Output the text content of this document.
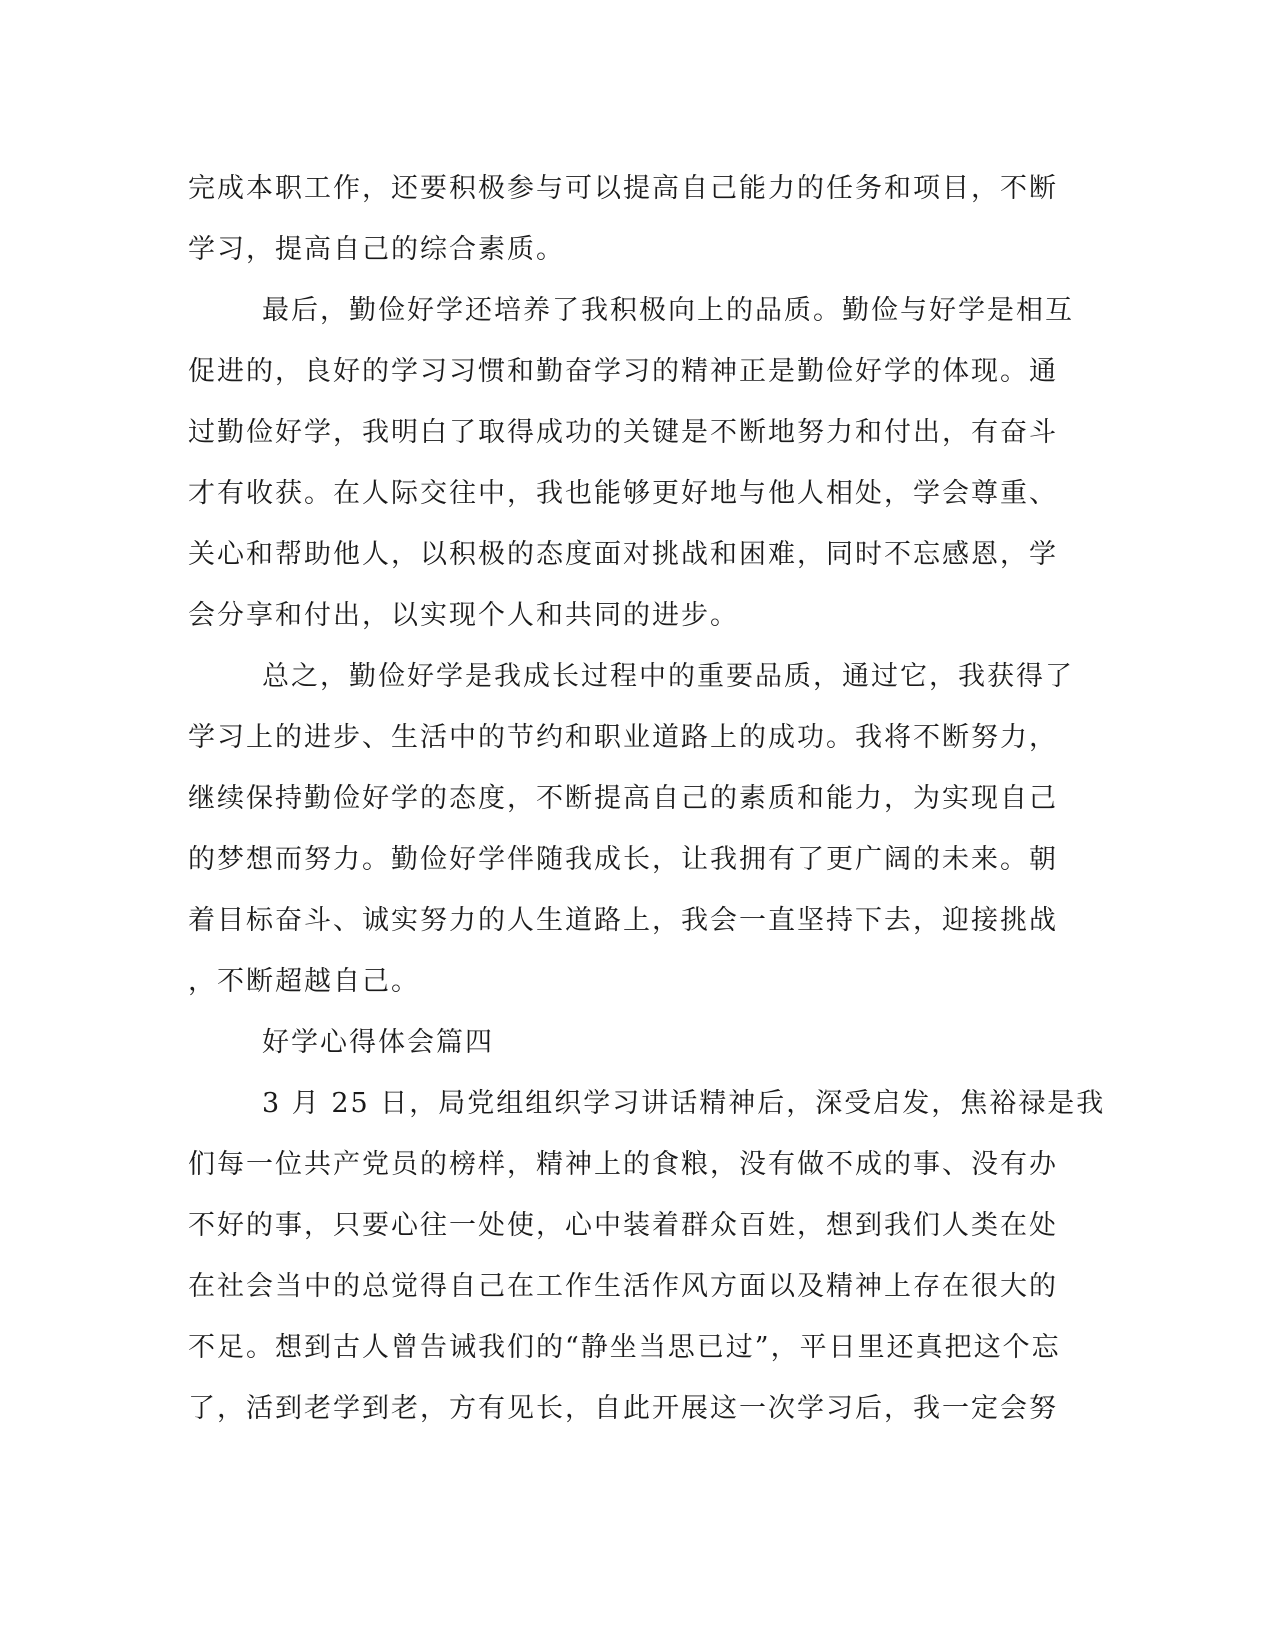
完成本职工作，还要积极参与可以提高自己能力的任务和项目，不断
学习，提高自己的综合素质。
最后，勤俭好学还培养了我积极向上的品质。勤俭与好学是相互
促进的，良好的学习习惯和勤奋学习的精神正是勤俭好学的体现。通
过勤俭好学，我明白了取得成功的关键是不断地努力和付出，有奋斗
才有收获。在人际交往中，我也能够更好地与他人相处，学会尊重、
关心和帮助他人，以积极的态度面对挑战和困难，同时不忘感恩，学
会分享和付出，以实现个人和共同的进步。
总之，勤俭好学是我成长过程中的重要品质，通过它，我获得了
学习上的进步、生活中的节约和职业道路上的成功。我将不断努力，
继续保持勤俭好学的态度，不断提高自己的素质和能力，为实现自己
的梦想而努力。勤俭好学伴随我成长，让我拥有了更广阔的未来。朝
着目标奋斗、诚实努力的人生道路上，我会一直坚持下去，迎接挑战
，不断超越自己。
好学心得体会篇四
3 月 25 日，局党组组织学习讲话精神后，深受启发，焦裕禄是我
们每一位共产党员的榜样，精神上的食粮，没有做不成的事、没有办
不好的事，只要心往一处使，心中装着群众百姓，想到我们人类在处
在社会当中的总觉得自己在工作生活作风方面以及精神上存在很大的
不足。想到古人曾告诫我们的“静坐当思已过”，平日里还真把这个忘
了，活到老学到老，方有见长，自此开展这一次学习后，我一定会努
